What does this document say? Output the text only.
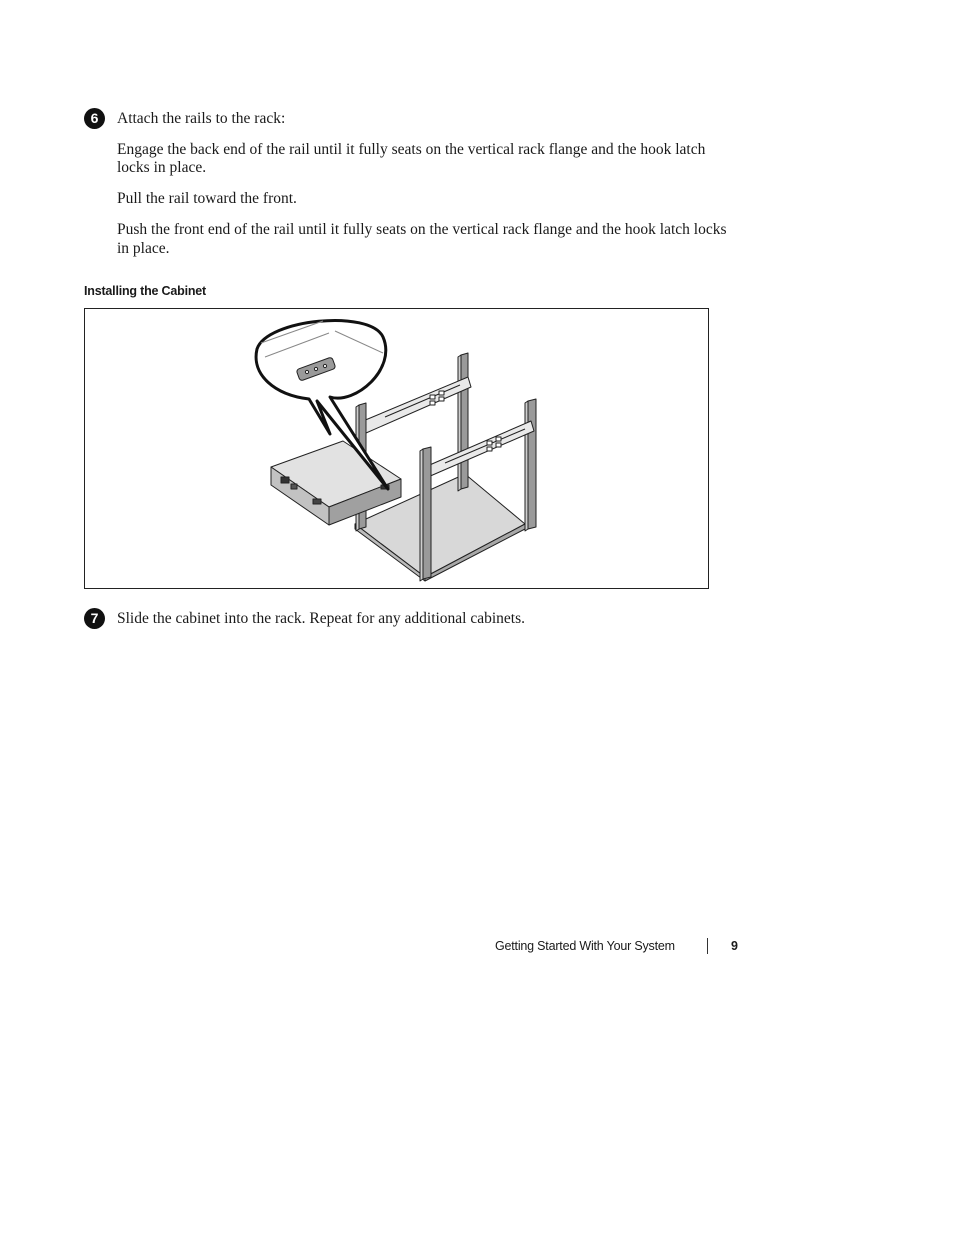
6	Attach the rails to the rack:

Engage the back end of the rail until it fully seats on the vertical rack flange and the hook latch

locks in place.

Pull the rail toward the front.

Push the front end of the rail until it fully seats on the vertical rack flange and the hook latch locks

in place.

Installing the Cabinet
7	Slide the cabinet into the rack. Repeat for any additional cabinets.

Getting Started With Your System	9
